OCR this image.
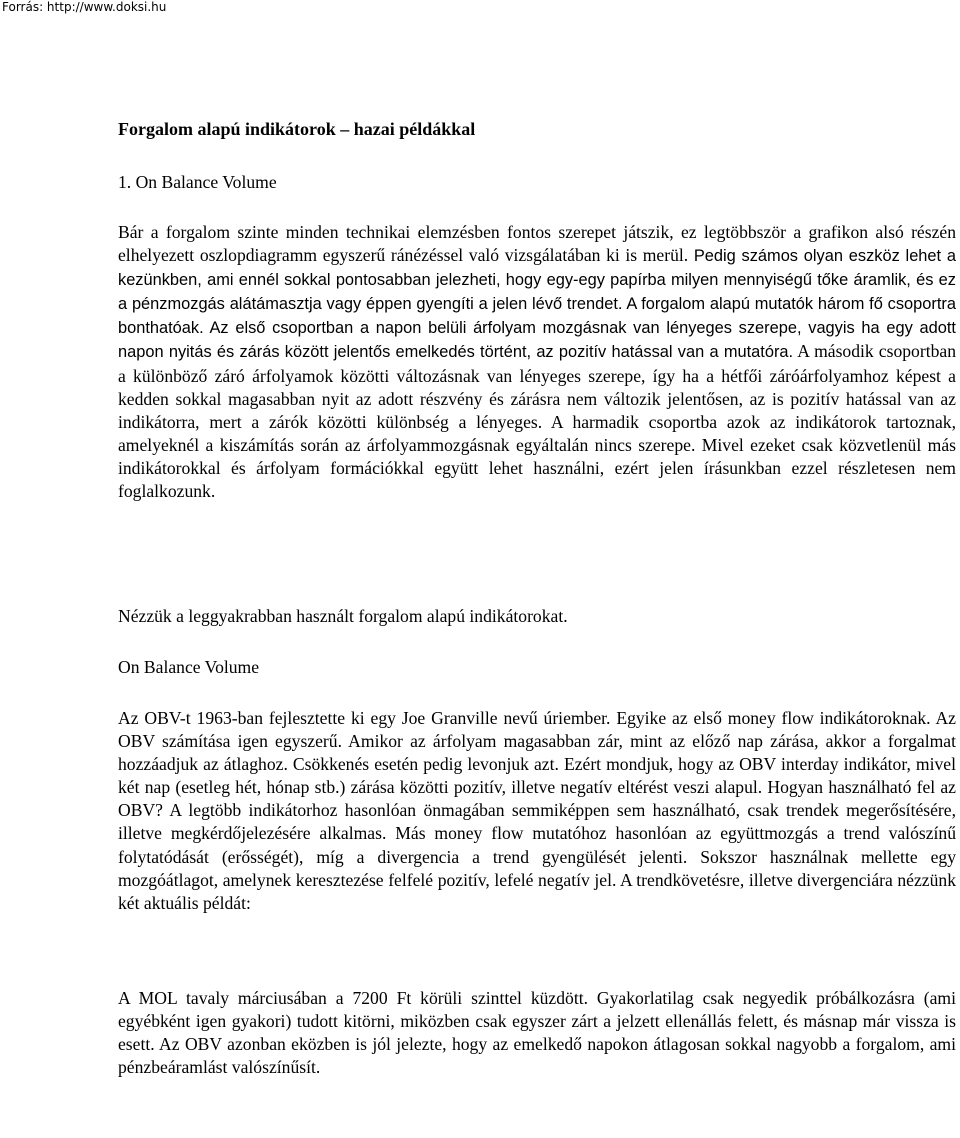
Forrás: http://www.doksi.hu
Forgalom alapú indikátorok – hazai példákkal
1. On Balance Volume

Bár a forgalom szinte minden technikai elemzésben fontos szerepet játszik, ez legtöbbször a grafikon alsó részén elhelyezett oszlopdiagramm egyszerű ránézéssel való vizsgálatában ki is merül. Pedig számos olyan eszköz lehet a kezünkben, ami ennél sokkal pontosabban jelezheti, hogy egy-egy papírba milyen mennyiségű tőke áramlik, és ez a pénzmozgás alátámasztja vagy éppen gyengíti a jelen lévő trendet. A forgalom alapú mutatók három fő csoportra bonthatóak. Az első csoportban a napon belüli árfolyam mozgásnak van lényeges szerepe, vagyis ha egy adott napon nyitás és zárás között jelentős emelkedés történt, az pozitív hatással van a mutatóra. A második csoportban a különböző záró árfolyamok közötti változásnak van lényeges szerepe, így ha a hétfői záróárfolyamhoz képest a kedden sokkal magasabban nyit az adott részvény és zárásra nem változik jelentősen, az is pozitív hatással van az indikátorra, mert a zárók közötti különbség a lényeges. A harmadik csoportba azok az indikátorok tartoznak, amelyeknél a kiszámítás során az árfolyammozgásnak egyáltalán nincs szerepe. Mivel ezeket csak közvetlenül más indikátorokkal és árfolyam formációkkal együtt lehet használni, ezért jelen írásunkban ezzel részletesen nem foglalkozunk.

Nézzük a leggyakrabban használt forgalom alapú indikátorokat.

On Balance Volume

Az OBV-t 1963-ban fejlesztette ki egy Joe Granville nevű úriember. Egyike az első money flow indikátoroknak. Az OBV számítása igen egyszerű. Amikor az árfolyam magasabban zár, mint az előző nap zárása, akkor a forgalmat hozzáadjuk az átlaghoz. Csökkenés esetén pedig levonjuk azt. Ezért mondjuk, hogy az OBV interday indikátor, mivel két nap (esetleg hét, hónap stb.) zárása közötti pozitív, illetve negatív eltérést veszi alapul. Hogyan használható fel az OBV? A legtöbb indikátorhoz hasonlóan önmagában semmiképpen sem használható, csak trendek megerősítésére, illetve megkérdőjelezésére alkalmas. Más money flow mutatóhoz hasonlóan az együttmozgás a trend valószínű folytatódását (erősségét), míg a divergencia a trend gyengülését jelenti. Sokszor használnak mellette egy mozgóátlagot, amelynek keresztezése felfelé pozitív, lefelé negatív jel. A trendkövetésre, illetve divergenciára nézzünk két aktuális példát:

A MOL tavaly márciusában a 7200 Ft körüli szinttel küzdött. Gyakorlatilag csak negyedik próbálkozásra (ami egyébként igen gyakori) tudott kitörni, miközben csak egyszer zárt a jelzett ellenállás felett, és másnap már vissza is esett. Az OBV azonban eközben is jól jelezte, hogy az emelkedő napokon átlagosan sokkal nagyobb a forgalom, ami pénzbeáramlást valószínűsít.
